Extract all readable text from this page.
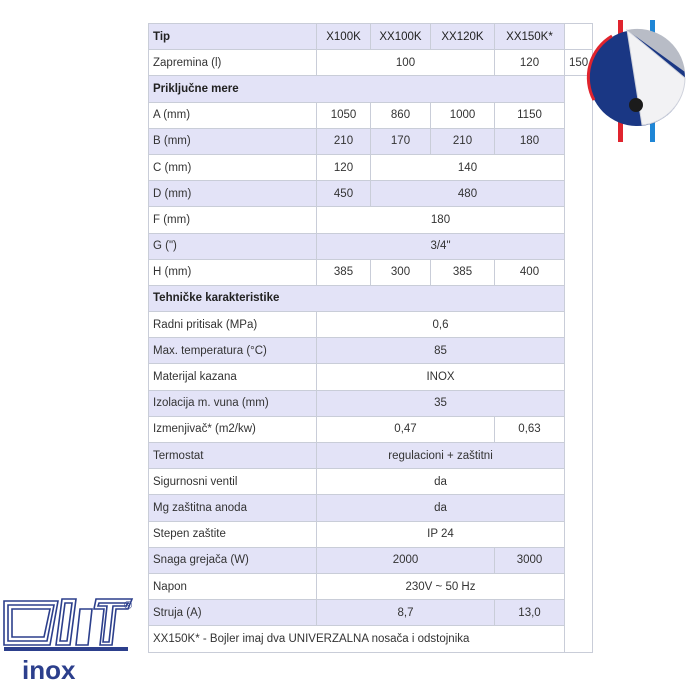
Tip	X100K	XX100K	XX120K	XX150K*	
Zapremina (l)	100			120	150
Priključne mere					
A (mm)	1050	860	1000	1150	
B (mm)	210	170	210	180	
C (mm)	120	140			
D (mm)	450	480			
F (mm)	180				
G (")	3/4"				
H (mm)	385	300	385	400	
Tehničke karakteristike					
Radni pritisak (MPa)	0,6				
Max. temperatura (°C)	85				
Materijal kazana	INOX				
Izolacija m. vuna (mm)	35				
Izmenjivač* (m2/kw)	0,47			0,63	
Termostat	regulacioni + zaštitni				
Sigurnosni ventil	da				
Mg zaštitna anoda	da				
Stepen zaštite	IP 24				
Snaga grejača (W)	2000			3000	
Napon	230V ~ 50 Hz				
Struja (A)	8,7			13,0	
XX150K* - Bojler imaj dva UNIVERZALNA nosača i odstojnika					
inox
®
